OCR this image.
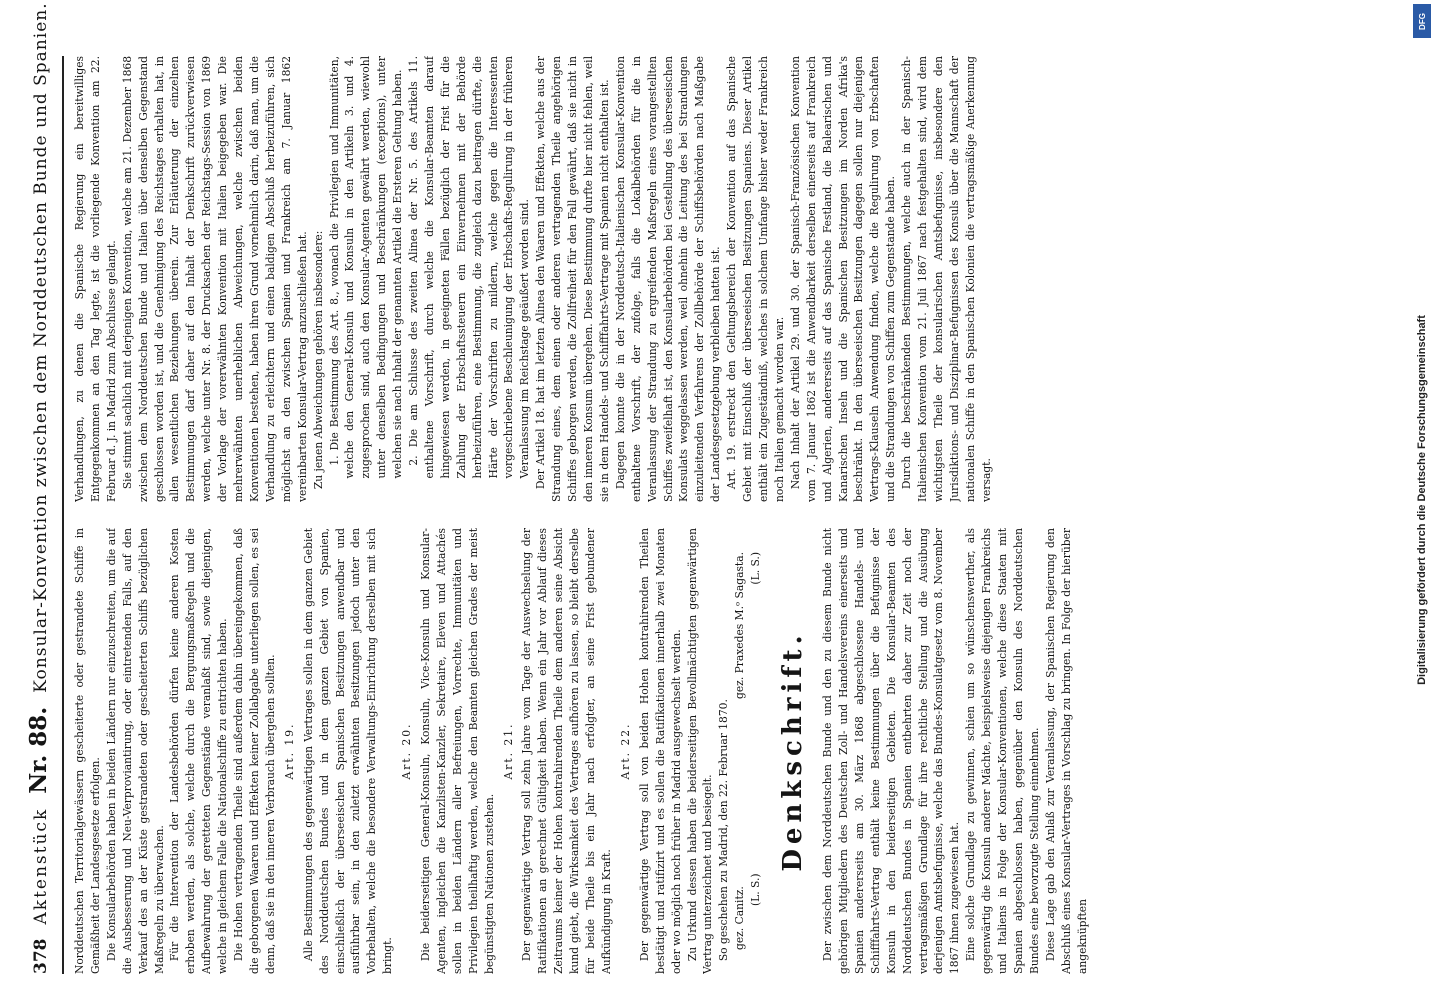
378
Aktenstück
Nr. 88.
Konsular-Konvention zwischen dem Norddeutschen Bunde und Spanien.

Norddeutschen Territorialgewässern gescheiterte oder gestrandete Schiffe in Gemäßheit der Landesgesetze erfolgen. Die Konsularbehörden haben in beiden Ländern nur einzuschreiten, um die auf die Ausbesserung und Neu-Verproviantirung, oder eintretenden Falls, auf den Verkauf des an der Küste gestrandeten oder gescheiterten Schiffs bezüglichen Maßregeln zu überwachen. Für die Intervention der Landesbehörden dürfen keine anderen Kosten erhoben werden, als solche, welche durch die Bergungsmaßregeln und die Aufbewahrung der geretteten Gegenstände veranlaßt sind, sowie diejenigen, welche in gleichem Falle die Nationalschiffe zu entrichten haben. Die Hohen vertragenden Theile sind außerdem dahin übereingekommen, daß die geborgenen Waaren und Effekten keiner Zollabgabe unterliegen sollen, es sei denn, daß sie in den inneren Verbrauch übergehen sollten. Art. 19. Alle Bestimmungen des gegenwärtigen Vertrages sollen in dem ganzen Gebiet des Norddeutschen Bundes und in dem ganzen Gebiet von Spanien, einschließlich der überseeischen Spanischen Besitzungen anwendbar und ausführbar sein, in den zuletzt erwähnten Besitzungen jedoch unter den Vorbehalten, welche die besondere Verwaltungs-Einrichtung derselben mit sich bringt.

Art. 20. Die beiderseitigen General-Konsuln, Konsuln, Vice-Konsuln und Konsular-Agenten, ingleichen die Kanzlisten-Kanzler, Sekretaire, Eleven und Attachés sollen in beiden Ländern aller Befreiungen, Vorrechte, Immunitäten und Privilegien theilhaftig werden, welche den Beamten gleichen Grades der meist begünstigten Nationen zustehen.

Art. 21. Der gegenwärtige Vertrag soll zehn Jahre vom Tage der Auswechselung der Ratifikationen an gerechnet Gültigkeit haben. Wenn ein Jahr vor Ablauf dieses Zeitraums keiner der Hohen kontrahirenden Theile dem anderen seine Absicht kund giebt, die Wirksamkeit des Vertrages aufhören zu lassen, so bleibt derselbe für beide Theile bis ein Jahr nach erfolgter, an seine Frist gebundener Aufkündigung in Kraft.

Art. 22. Der gegenwärtige Vertrag soll von beiden Hohen kontrahirenden Theilen bestätigt und ratifizirt und es sollen die Ratifikationen innerhalb zwei Monaten oder wo möglich noch früher in Madrid ausgewechselt werden. Zu Urkund dessen haben die beiderseitigen Bevollmächtigten gegenwärtigen Vertrag unterzeichnet und besiegelt. So geschehen zu Madrid, den 22. Februar 1870. gez. Canitz.
gez. Praxedes M.ᵒ Sagasta.
(L. S.)
(L. S.)
Denkschrift. Der zwischen dem Norddeutschen Bunde und den zu diesem Bunde nicht gehörigen Mitgliedern des Deutschen Zoll- und Handelsvereins einerseits und Spanien andererseits am 30. März 1868 abgeschlossene Handels- und Schifffahrts-Vertrag enthält keine Bestimmungen über die Befugnisse der Konsuln in den beiderseitigen Gebieten. Die Konsular-Beamten des Norddeutschen Bundes in Spanien entbehrten daher zur Zeit noch der vertragsmäßigen Grundlage für ihre rechtliche Stellung und die Ausübung derjenigen Amtsbefugnisse, welche das Bundes-Konsulatgesetz vom 8. November 1867 ihnen zugewiesen hat. Eine solche Grundlage zu gewinnen, schien um so wünschenswerther, als gegenwärtig die Konsuln anderer Mächte, beispielsweise diejenigen Frankreichs und Italiens in Folge der Konsular-Konventionen, welche diese Staaten mit Spanien abgeschlossen haben, gegenüber den Konsuln des Norddeutschen Bundes eine bevorzugte Stellung einnehmen. Diese Lage gab den Anlaß zur Veranlassung, der Spanischen Regierung den Abschluß eines Konsular-Vertrages in Vorschlag zu bringen. In Folge der hierüber angeknüpften

Verhandlungen, zu denen die Spanische Regierung ein bereitwilliges Entgegenkommen an den Tag legte, ist die vorliegende Konvention am 22. Februar d. J. in Madrid zum Abschlusse gelangt. Sie stimmt sachlich mit derjenigen Konvention, welche am 21. Dezember 1868 zwischen dem Norddeutschen Bunde und Italien über denselben Gegenstand geschlossen worden ist, und die Genehmigung des Reichstages erhalten hat, in allen wesentlichen Beziehungen überein. Zur Erläuterung der einzelnen Bestimmungen darf daher auf den Inhalt der Denkschrift zurückverwiesen werden, welche unter Nr. 8. der Drucksachen der Reichstags-Session von 1869 der Vorlage der vorerwähnten Konvention mit Italien beigegeben war. Die mehrerwähnten unerheblichen Abweichungen, welche zwischen beiden Konventionen bestehen, haben ihren Grund vornehmlich darin, daß man, um die Verhandlung zu erleichtern und einen baldigen Abschluß herbeizuführen, sich möglichst an den zwischen Spanien und Frankreich am 7. Januar 1862 vereinbarten Konsular-Vertrag anzuschließen hat. Zu jenen Abweichungen gehören insbesondere: 1. Die Bestimmung des Art. 8., wonach die Privilegien und Immunitäten, welche den General-Konsuln und Konsuln in den Artikeln 3. und 4. zugesprochen sind, auch den Konsular-Agenten gewährt werden, wiewohl unter denselben Bedingungen und Beschränkungen (exceptions), unter welchen sie nach Inhalt der genannten Artikel die Ersteren Geltung haben. 2. Die am Schlusse des zweiten Alinea der Nr. 5. des Artikels 11. enthaltene Vorschrift, durch welche die Konsular-Beamten darauf hingewiesen werden, in geeigneten Fällen bezüglich der Frist für die Zahlung der Erbschaftssteuern ein Einvernehmen mit der Behörde herbeizuführen, eine Bestimmung, die zugleich dazu beitragen dürfte, die Härte der Vorschriften zu mildern, welche gegen die Interessenten vorgeschriebene Beschleunigung der Erbschafts-Regulirung in der früheren Veranlassung im Reichstage geäußert worden sind. Der Artikel 18. hat im letzten Alinea den Waaren und Effekten, welche aus der Strandung eines, dem einen oder anderen vertragenden Theile angehörigen Schiffes geborgen werden, die Zollfreiheit für den Fall gewährt, daß sie nicht in den inneren Konsum übergehen. Diese Bestimmung durfte hier nicht fehlen, weil sie in dem Handels- und Schifffahrts-Vertrage mit Spanien nicht enthalten ist. Dagegen konnte die in der Norddeutsch-Italienischen Konsular-Konvention enthaltene Vorschrift, der zufolge, falls die Lokalbehörden für die in Veranlassung der Strandung zu ergreifenden Maßregeln eines vorangestellten Schiffes zweifelhaft ist, den Konsularbehörden bei Gestellung des überseeischen Konsulats weggelassen werden, weil ohnehin die Leitung des bei Strandungen einzuleitenden Verfahrens der Zollbehörde der Schiffsbehörden nach Maßgabe der Landesgesetzgebung verbleiben hatten ist. Art. 19. erstreckt den Geltungsbereich der Konvention auf das Spanische Gebiet mit Einschluß der überseeischen Besitzungen Spaniens. Dieser Artikel enthält ein Zugeständniß, welches in solchem Umfange bisher weder Frankreich noch Italien gemacht worden war. Nach Inhalt der Artikel 29. und 30. der Spanisch-Französischen Konvention vom 7. Januar 1862 ist die Anwendbarkeit derselben einerseits auf Frankreich und Algerien, andererseits auf das Spanische Festland, die Balearischen und Kanarischen Inseln und die Spanischen Besitzungen im Norden Afrika's beschränkt. In den überseeischen Besitzungen dagegen sollen nur diejenigen Vertrags-Klauseln Anwendung finden, welche die Regulirung von Erbschaften und die Strandungen von Schiffen zum Gegenstande haben. Durch die beschränkenden Bestimmungen, welche auch in der Spanisch-Italienischen Konvention vom 21. Juli 1867 nach festgehalten sind, wird dem wichtigsten Theile der konsularischen Amtsbefugnisse, insbesondere den Jurisdiktions- und Disziplinar-Befugnissen des Konsuls über die Mannschaft der nationalen Schiffe in den Spanischen Kolonien die vertragsmäßige Anerkennung versagt.

DFG
Digitalisierung gefördert durch die Deutsche Forschungsgemeinschaft
